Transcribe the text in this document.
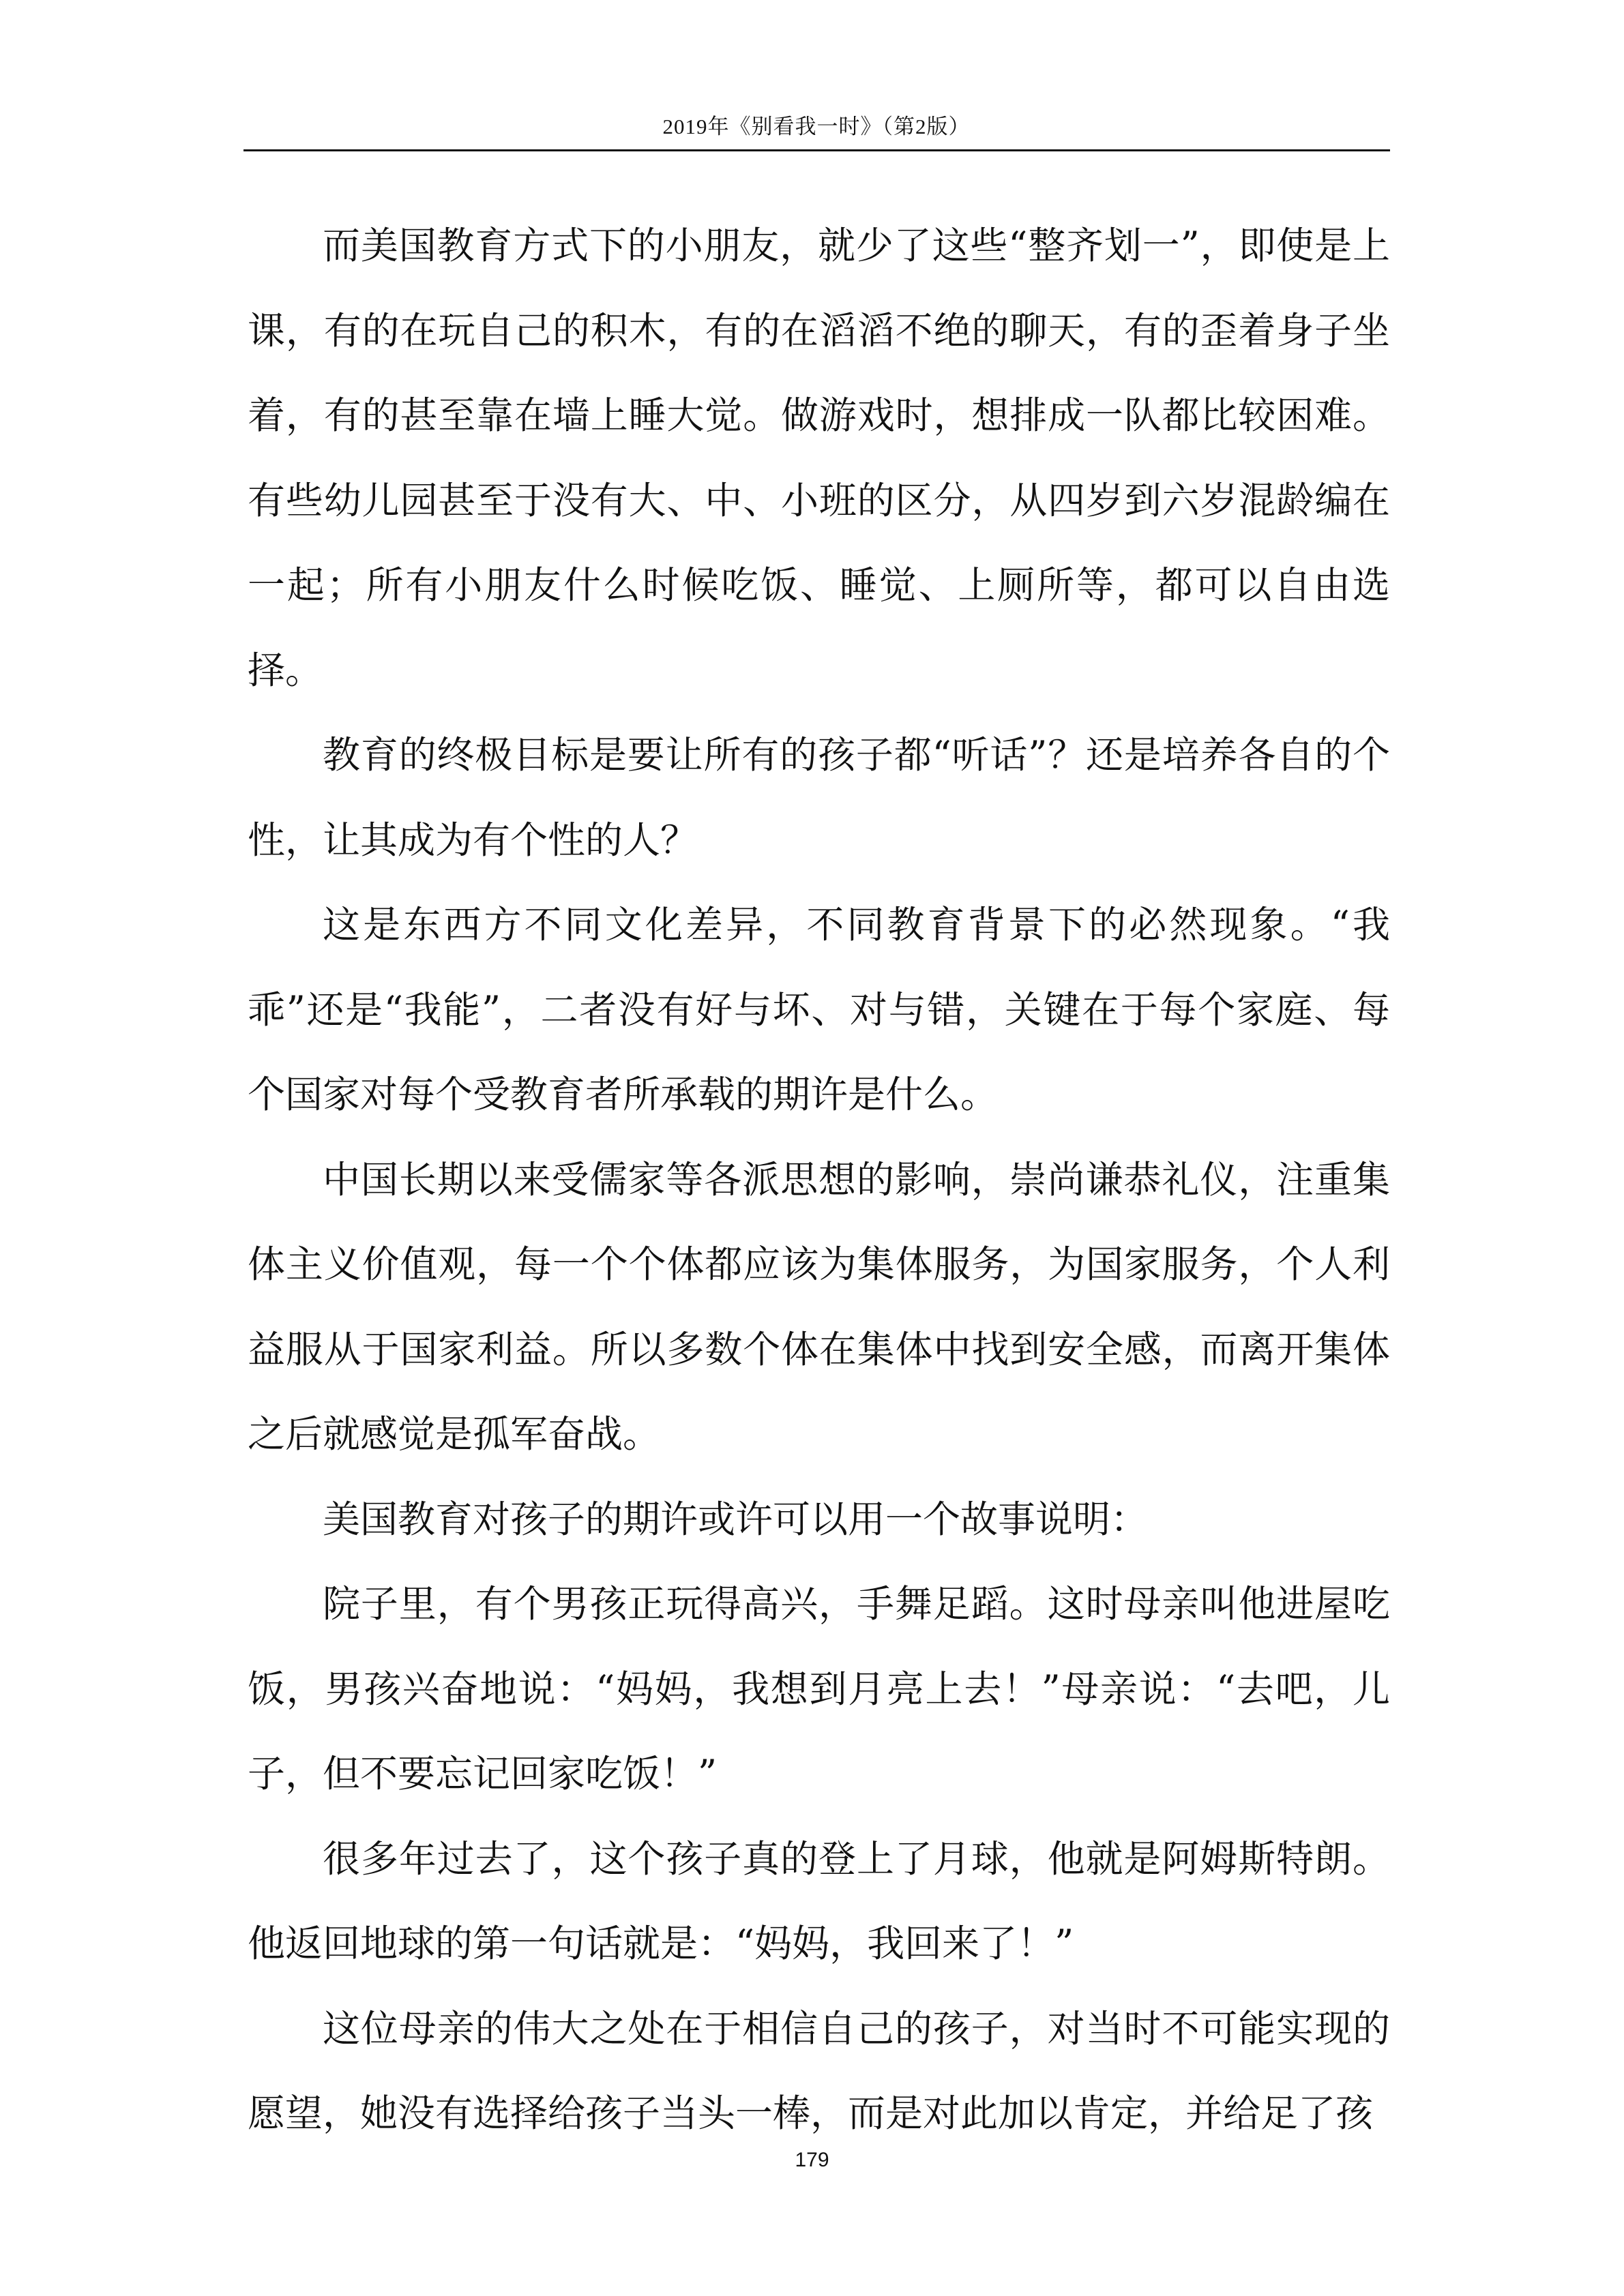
2019年《别看我一时》（第2版）

而美国教育方式下的小朋友，就少了这些“整齐划一”，即使是上课，有的在玩自己的积木，有的在滔滔不绝的聊天，有的歪着身子坐着，有的甚至靠在墙上睡大觉。做游戏时，想排成一队都比较困难。有些幼儿园甚至于没有大、中、小班的区分，从四岁到六岁混龄编在一起；所有小朋友什么时候吃饭、睡觉、上厕所等，都可以自由选择。

教育的终极目标是要让所有的孩子都“听话”？还是培养各自的个性，让其成为有个性的人？

这是东西方不同文化差异，不同教育背景下的必然现象。“我乖”还是“我能”，二者没有好与坏、对与错，关键在于每个家庭、每个国家对每个受教育者所承载的期许是什么。

中国长期以来受儒家等各派思想的影响，崇尚谦恭礼仪，注重集体主义价值观，每一个个体都应该为集体服务，为国家服务，个人利益服从于国家利益。所以多数个体在集体中找到安全感，而离开集体之后就感觉是孤军奋战。

美国教育对孩子的期许或许可以用一个故事说明：

院子里，有个男孩正玩得高兴，手舞足蹈。这时母亲叫他进屋吃饭，男孩兴奋地说：“妈妈，我想到月亮上去！”母亲说：“去吧，儿子，但不要忘记回家吃饭！”

很多年过去了，这个孩子真的登上了月球，他就是阿姆斯特朗。他返回地球的第一句话就是：“妈妈，我回来了！”

这位母亲的伟大之处在于相信自己的孩子，对当时不可能实现的愿望，她没有选择给孩子当头一棒，而是对此加以肯定，并给足了孩

179
